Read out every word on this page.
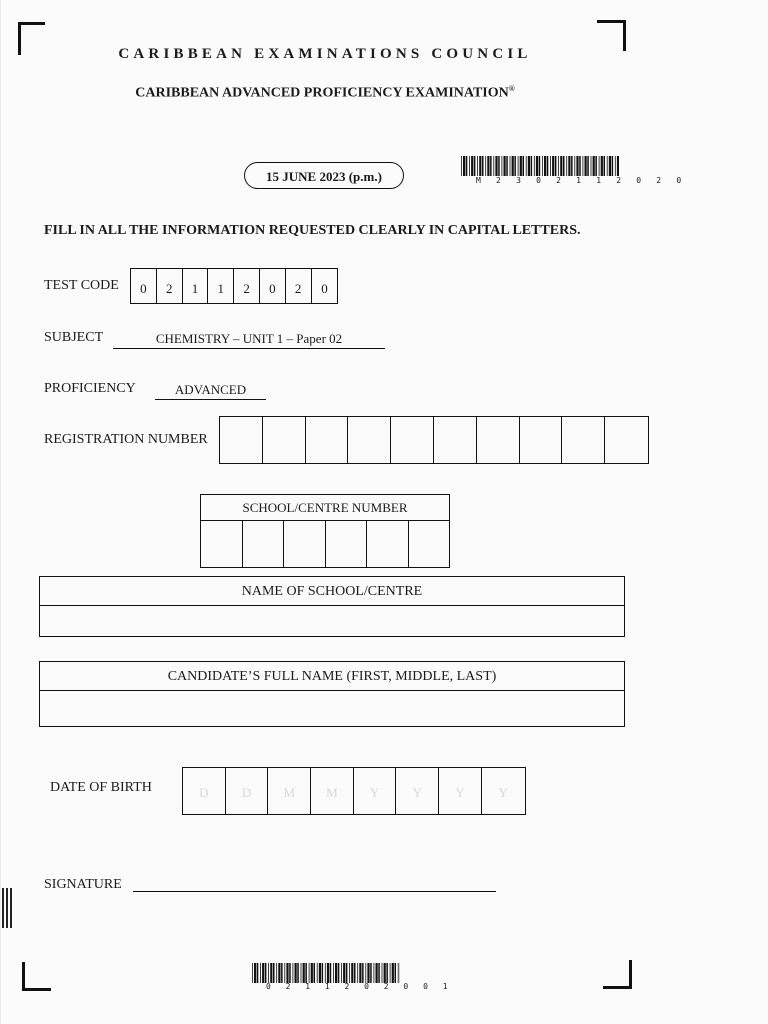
CARIBBEAN EXAMINATIONS COUNCIL
CARIBBEAN ADVANCED PROFICIENCY EXAMINATION®
15 JUNE 2023 (p.m.)	M 2 3 0 2 1 1 2 0 2 0
FILL IN ALL THE INFORMATION REQUESTED CLEARLY IN CAPITAL LETTERS.
TEST CODE	0	2	1	1	2	0	2	0
SUBJECT	CHEMISTRY – UNIT 1 – Paper 02
PROFICIENCY	ADVANCED
REGISTRATION NUMBER
SCHOOL/CENTRE NUMBER
NAME OF SCHOOL/CENTRE
CANDIDATE’S FULL NAME (FIRST, MIDDLE, LAST)
DATE OF BIRTH	D	D	M	M	Y	Y	Y	Y
SIGNATURE
0 2 1 1 2 0 2 0 0 1
